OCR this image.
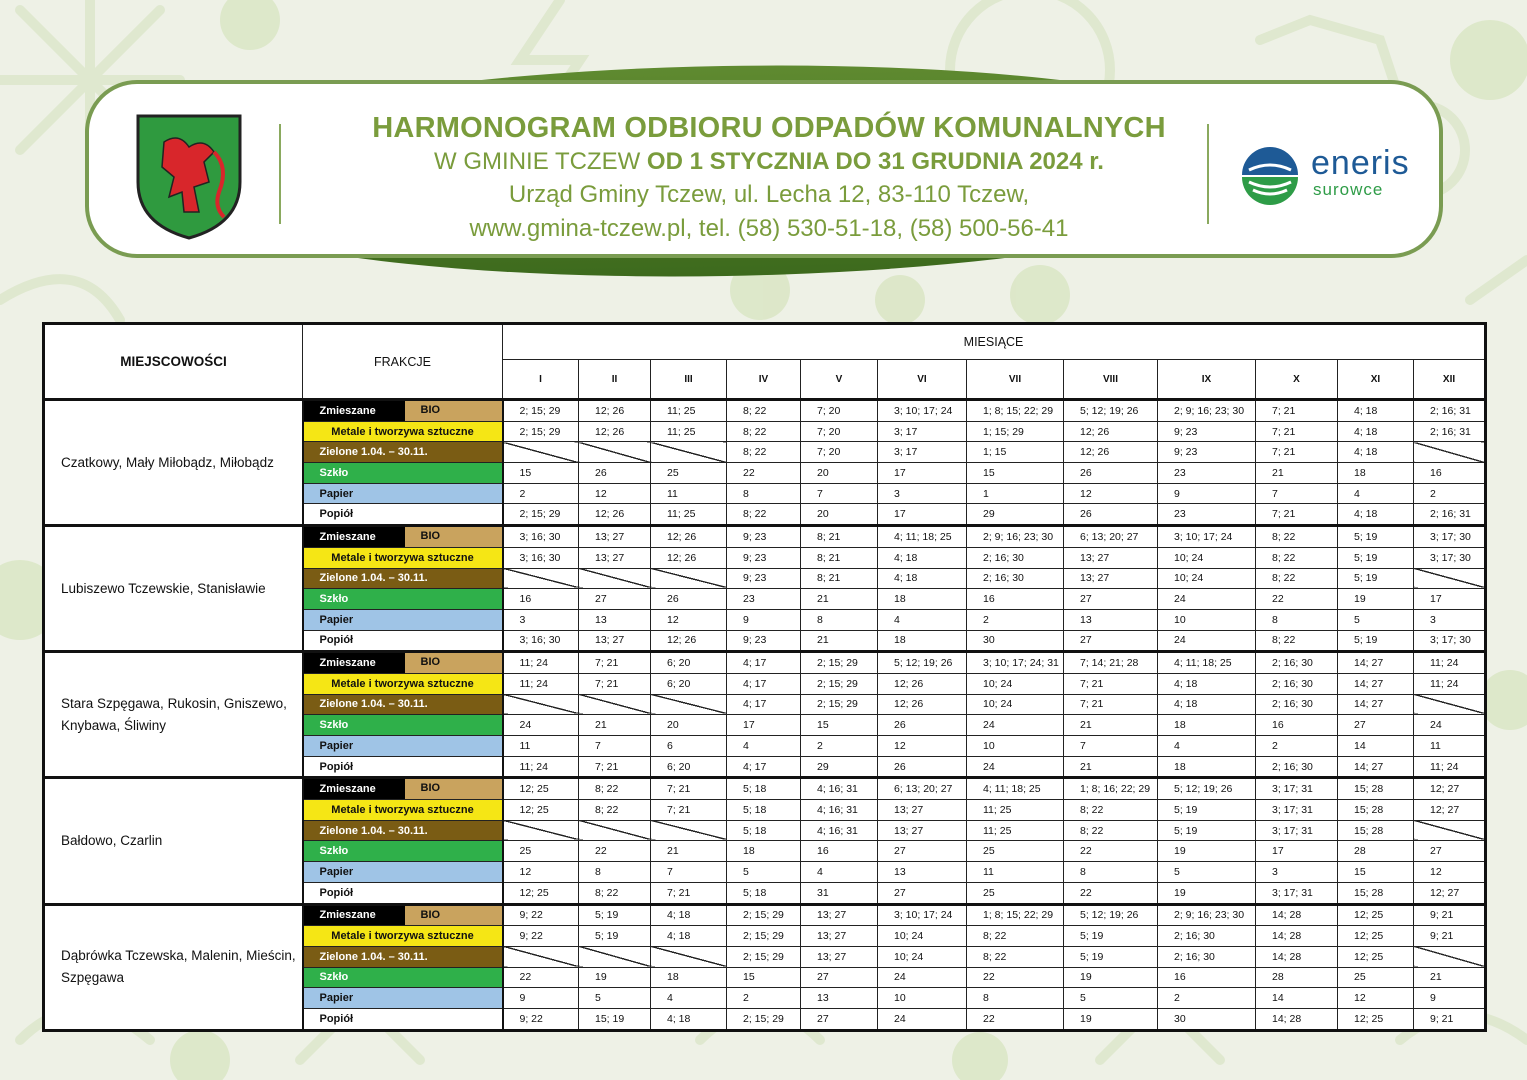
HARMONOGRAM ODBIORU ODPADÓW KOMUNALNYCH
W GMINIE TCZEW OD 1 STYCZNIA DO 31 GRUDNIA 2024 r.
Urząd Gminy Tczew, ul. Lecha 12, 83-110 Tczew,
www.gmina-tczew.pl, tel. (58) 530-51-18, (58) 500-56-41
eneris
surowce
MIEJSCOWOŚCI	FRAKCJE	MIESIĄCE											
		I	II	III	IV	V	VI	VII	VIII	IX	X	XI	XII
Czatkowy, Mały Miłobądz, Miłobądz	Zmieszane BIO	2; 15; 29	12; 26	11; 25	8; 22	7; 20	3; 10; 17; 24	1; 8; 15; 22; 29	5; 12; 19; 26	2; 9; 16; 23; 30	7; 21	4; 18	2; 16; 31
	Metale i tworzywa sztuczne	2; 15; 29	12; 26	11; 25	8; 22	7; 20	3; 17	1; 15; 29	12; 26	9; 23	7; 21	4; 18	2; 16; 31
	Zielone 1.04. – 30.11.				8; 22	7; 20	3; 17	1; 15	12; 26	9; 23	7; 21	4; 18	
	Szkło	15	26	25	22	20	17	15	26	23	21	18	16
	Papier	2	12	11	8	7	3	1	12	9	7	4	2
	Popiół	2; 15; 29	12; 26	11; 25	8; 22	20	17	29	26	23	7; 21	4; 18	2; 16; 31
Lubiszewo Tczewskie, Stanisławie	Zmieszane BIO	3; 16; 30	13; 27	12; 26	9; 23	8; 21	4; 11; 18; 25	2; 9; 16; 23; 30	6; 13; 20; 27	3; 10; 17; 24	8; 22	5; 19	3; 17; 30
	Metale i tworzywa sztuczne	3; 16; 30	13; 27	12; 26	9; 23	8; 21	4; 18	2; 16; 30	13; 27	10; 24	8; 22	5; 19	3; 17; 30
	Zielone 1.04. – 30.11.				9; 23	8; 21	4; 18	2; 16; 30	13; 27	10; 24	8; 22	5; 19	
	Szkło	16	27	26	23	21	18	16	27	24	22	19	17
	Papier	3	13	12	9	8	4	2	13	10	8	5	3
	Popiół	3; 16; 30	13; 27	12; 26	9; 23	21	18	30	27	24	8; 22	5; 19	3; 17; 30
Stara Szpęgawa, Rukosin, Gniszewo, Knybawa, Śliwiny	Zmieszane BIO	11; 24	7; 21	6; 20	4; 17	2; 15; 29	5; 12; 19; 26	3; 10; 17; 24; 31	7; 14; 21; 28	4; 11; 18; 25	2; 16; 30	14; 27	11; 24
	Metale i tworzywa sztuczne	11; 24	7; 21	6; 20	4; 17	2; 15; 29	12; 26	10; 24	7; 21	4; 18	2; 16; 30	14; 27	11; 24
	Zielone 1.04. – 30.11.				4; 17	2; 15; 29	12; 26	10; 24	7; 21	4; 18	2; 16; 30	14; 27	
	Szkło	24	21	20	17	15	26	24	21	18	16	27	24
	Papier	11	7	6	4	2	12	10	7	4	2	14	11
	Popiół	11; 24	7; 21	6; 20	4; 17	29	26	24	21	18	2; 16; 30	14; 27	11; 24
Bałdowo, Czarlin	Zmieszane BIO	12; 25	8; 22	7; 21	5; 18	4; 16; 31	6; 13; 20; 27	4; 11; 18; 25	1; 8; 16; 22; 29	5; 12; 19; 26	3; 17; 31	15; 28	12; 27
	Metale i tworzywa sztuczne	12; 25	8; 22	7; 21	5; 18	4; 16; 31	13; 27	11; 25	8; 22	5; 19	3; 17; 31	15; 28	12; 27
	Zielone 1.04. – 30.11.				5; 18	4; 16; 31	13; 27	11; 25	8; 22	5; 19	3; 17; 31	15; 28	
	Szkło	25	22	21	18	16	27	25	22	19	17	28	27
	Papier	12	8	7	5	4	13	11	8	5	3	15	12
	Popiół	12; 25	8; 22	7; 21	5; 18	31	27	25	22	19	3; 17; 31	15; 28	12; 27
Dąbrówka Tczewska, Malenin, Mieścin, Szpęgawa	Zmieszane BIO	9; 22	5; 19	4; 18	2; 15; 29	13; 27	3; 10; 17; 24	1; 8; 15; 22; 29	5; 12; 19; 26	2; 9; 16; 23; 30	14; 28	12; 25	9; 21
	Metale i tworzywa sztuczne	9; 22	5; 19	4; 18	2; 15; 29	13; 27	10; 24	8; 22	5; 19	2; 16; 30	14; 28	12; 25	9; 21
	Zielone 1.04. – 30.11.				2; 15; 29	13; 27	10; 24	8; 22	5; 19	2; 16; 30	14; 28	12; 25	
	Szkło	22	19	18	15	27	24	22	19	16	28	25	21
	Papier	9	5	4	2	13	10	8	5	2	14	12	9
	Popiół	9; 22	15; 19	4; 18	2; 15; 29	27	24	22	19	30	14; 28	12; 25	9; 21
